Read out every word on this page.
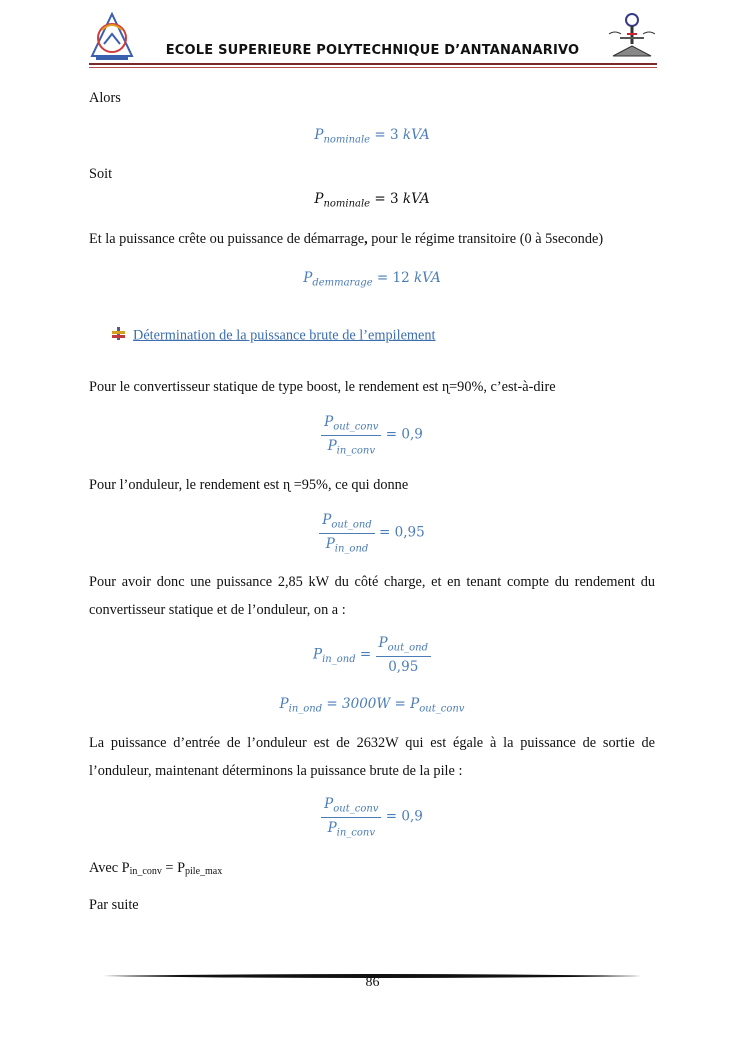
ECOLE SUPERIEURE POLYTECHNIQUE D’ANTANANARIVO
Alors
$P_{nominale} = 3$ kVA
Soit
$P_{nominale} = 3$ kVA
Et la puissance crête ou puissance de démarrage, pour le régime transitoire (0 à 5seconde)
$P_{demmarage} = 12$ kVA
Détermination de la puissance brute de l’empilement
Pour le convertisseur statique de type boost, le rendement est ɳ=90%, c’est-à-dire
$\frac{P_{out\_conv}}{P_{in\_conv}} = 0,9$
Pour l’onduleur, le rendement est ɳ =95%, ce qui donne
$\frac{P_{out\_ond}}{P_{in\_ond}} = 0,95$
Pour avoir donc une puissance 2,85 kW du côté charge, et en tenant compte du rendement du convertisseur statique et de l’onduleur, on a :
$P_{in\_ond} = \frac{P_{out\_ond}}{0,95}$
$P_{in\_ond} = 3000W = P_{out\_conv}$
La puissance d’entrée de l’onduleur est de 2632W qui est égale à la puissance de sortie de l’onduleur, maintenant déterminons la puissance brute de la pile :
$\frac{P_{out\_conv}}{P_{in\_conv}} = 0,9$
Avec Pin_conv = Ppile_max
Par suite
86
